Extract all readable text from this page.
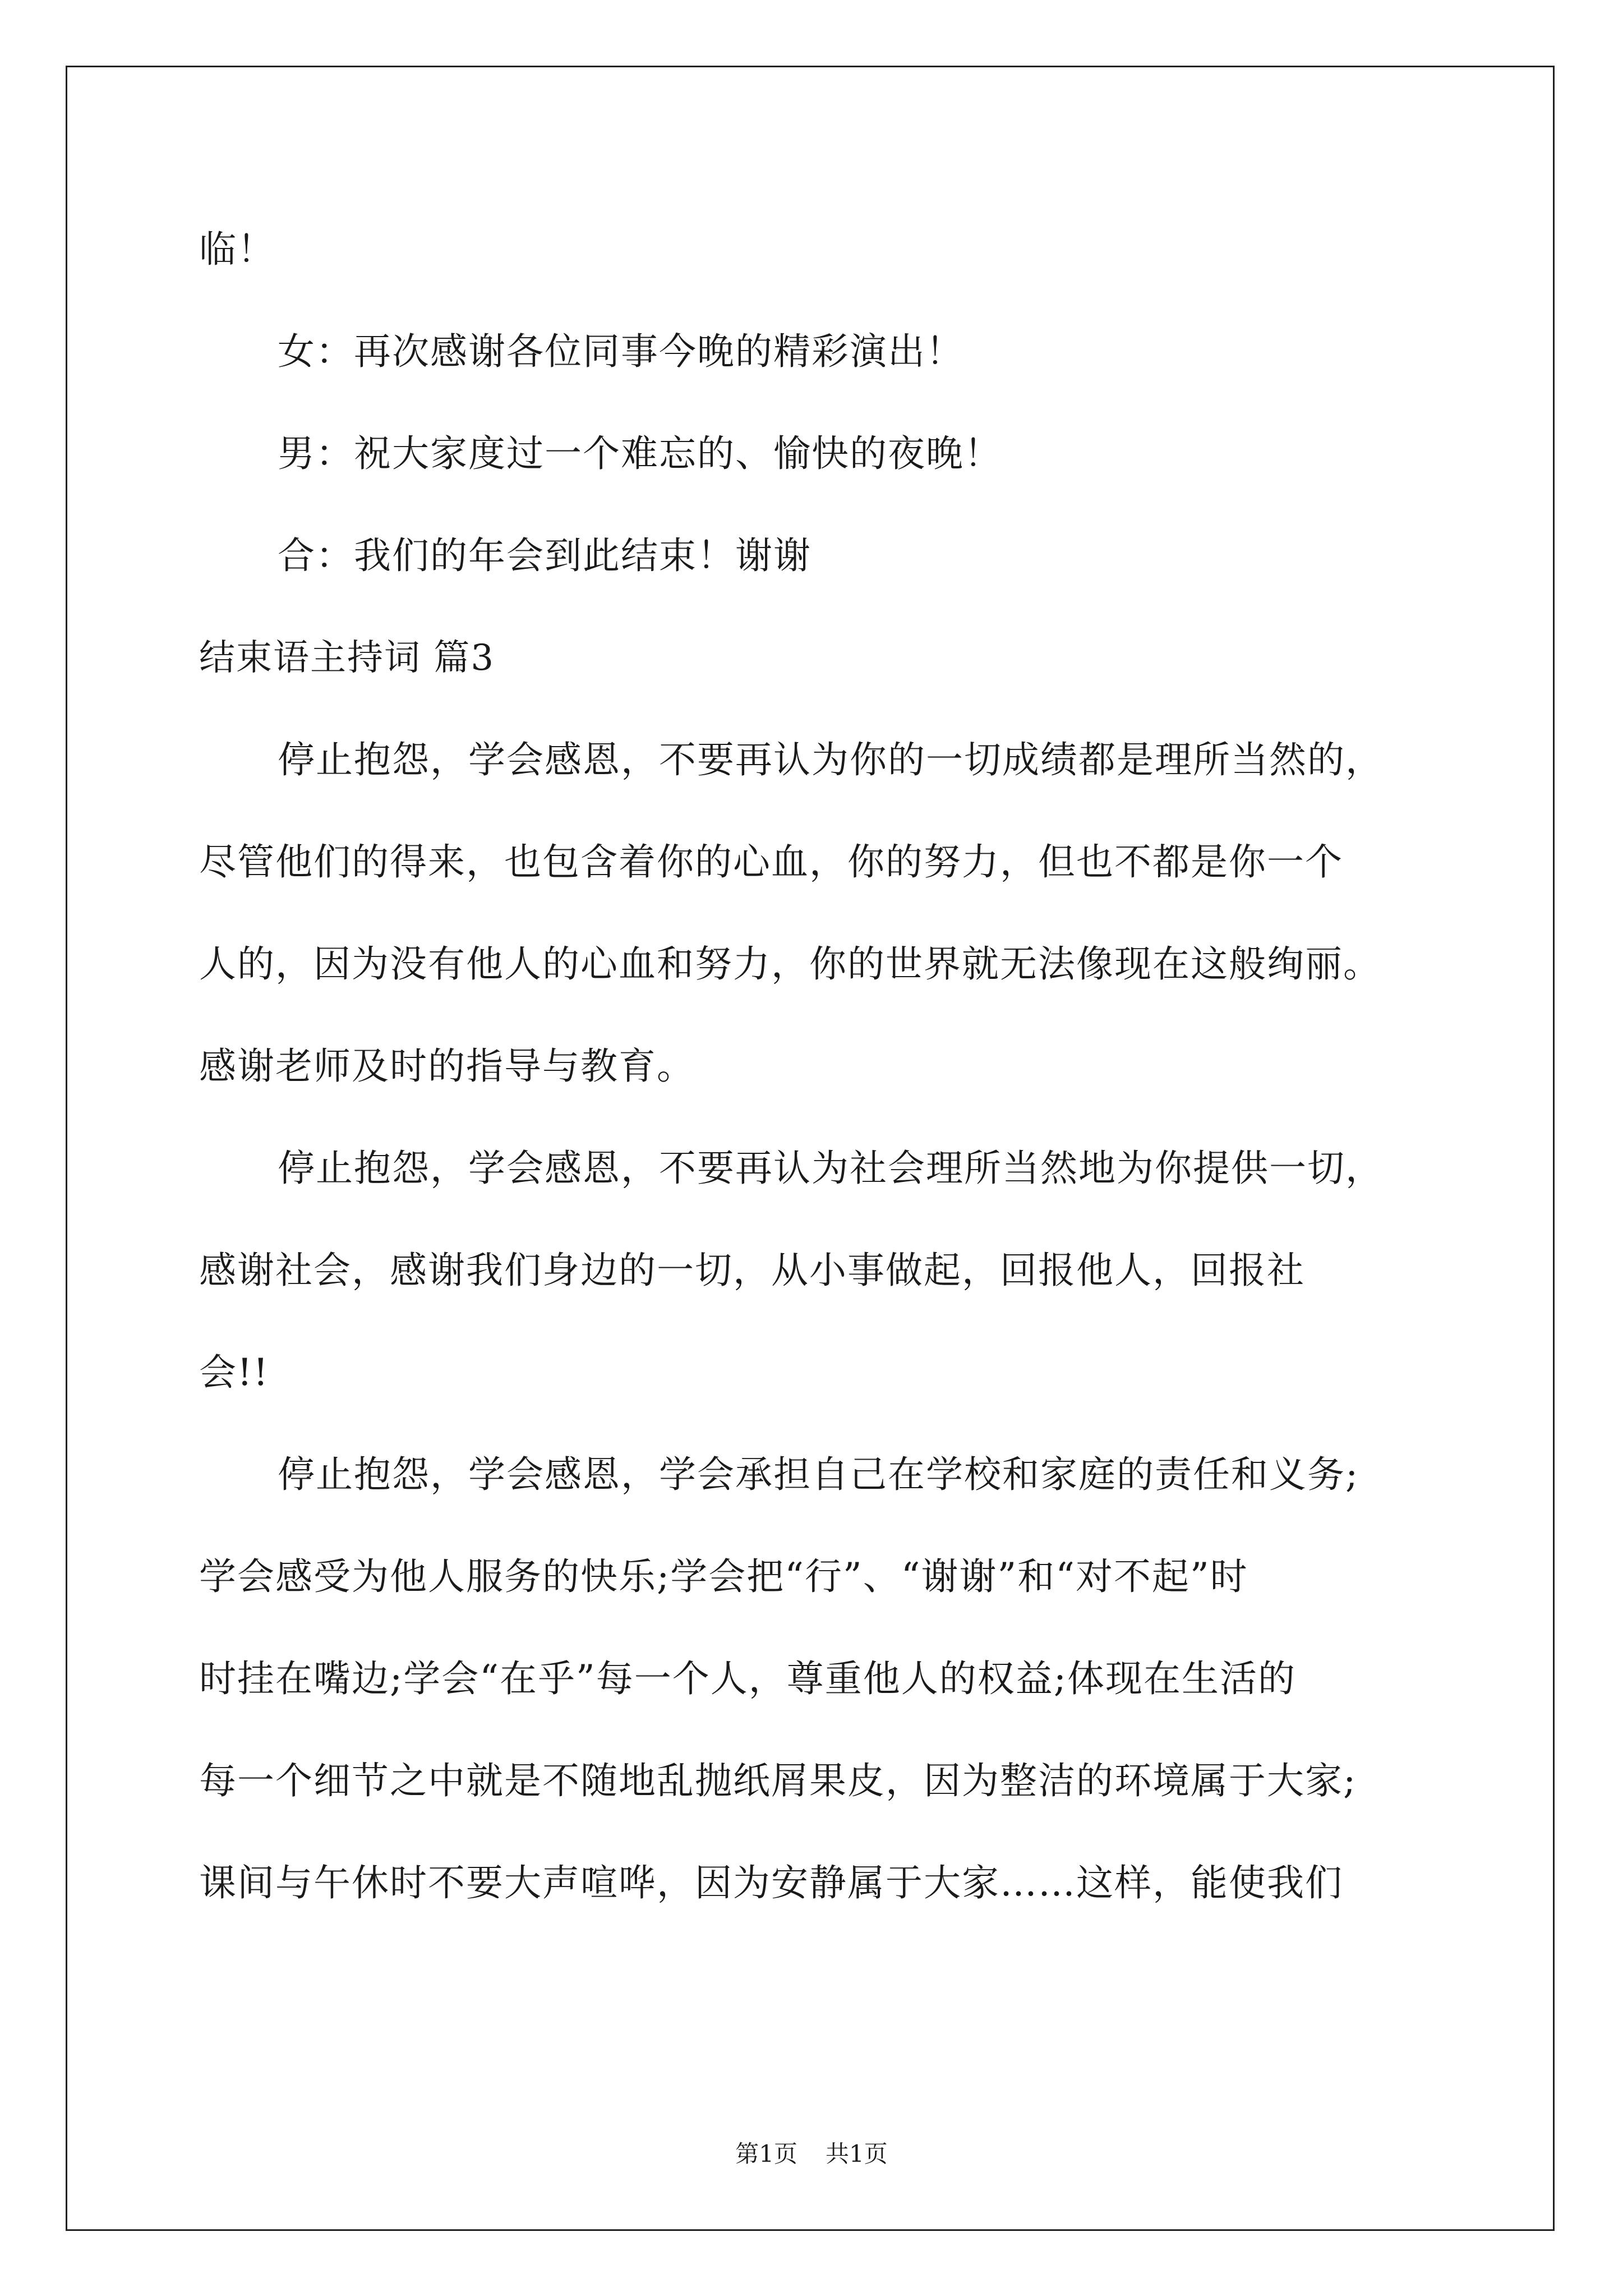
临！
女：再次感谢各位同事今晚的精彩演出！
男：祝大家度过一个难忘的、愉快的夜晚！
合：我们的年会到此结束！谢谢
结束语主持词 篇3
停止抱怨，学会感恩，不要再认为你的一切成绩都是理所当然的，
尽管他们的得来，也包含着你的心血，你的努力，但也不都是你一个
人的，因为没有他人的心血和努力，你的世界就无法像现在这般绚丽。
感谢老师及时的指导与教育。
停止抱怨，学会感恩，不要再认为社会理所当然地为你提供一切，
感谢社会，感谢我们身边的一切，从小事做起，回报他人，回报社
会!!
停止抱怨，学会感恩，学会承担自己在学校和家庭的责任和义务;
学会感受为他人服务的快乐;学会把“行”、“谢谢”和“对不起”时
时挂在嘴边;学会“在乎”每一个人，尊重他人的权益;体现在生活的
每一个细节之中就是不随地乱抛纸屑果皮，因为整洁的环境属于大家;
课间与午休时不要大声喧哗，因为安静属于大家……这样，能使我们
第1页 共1页
